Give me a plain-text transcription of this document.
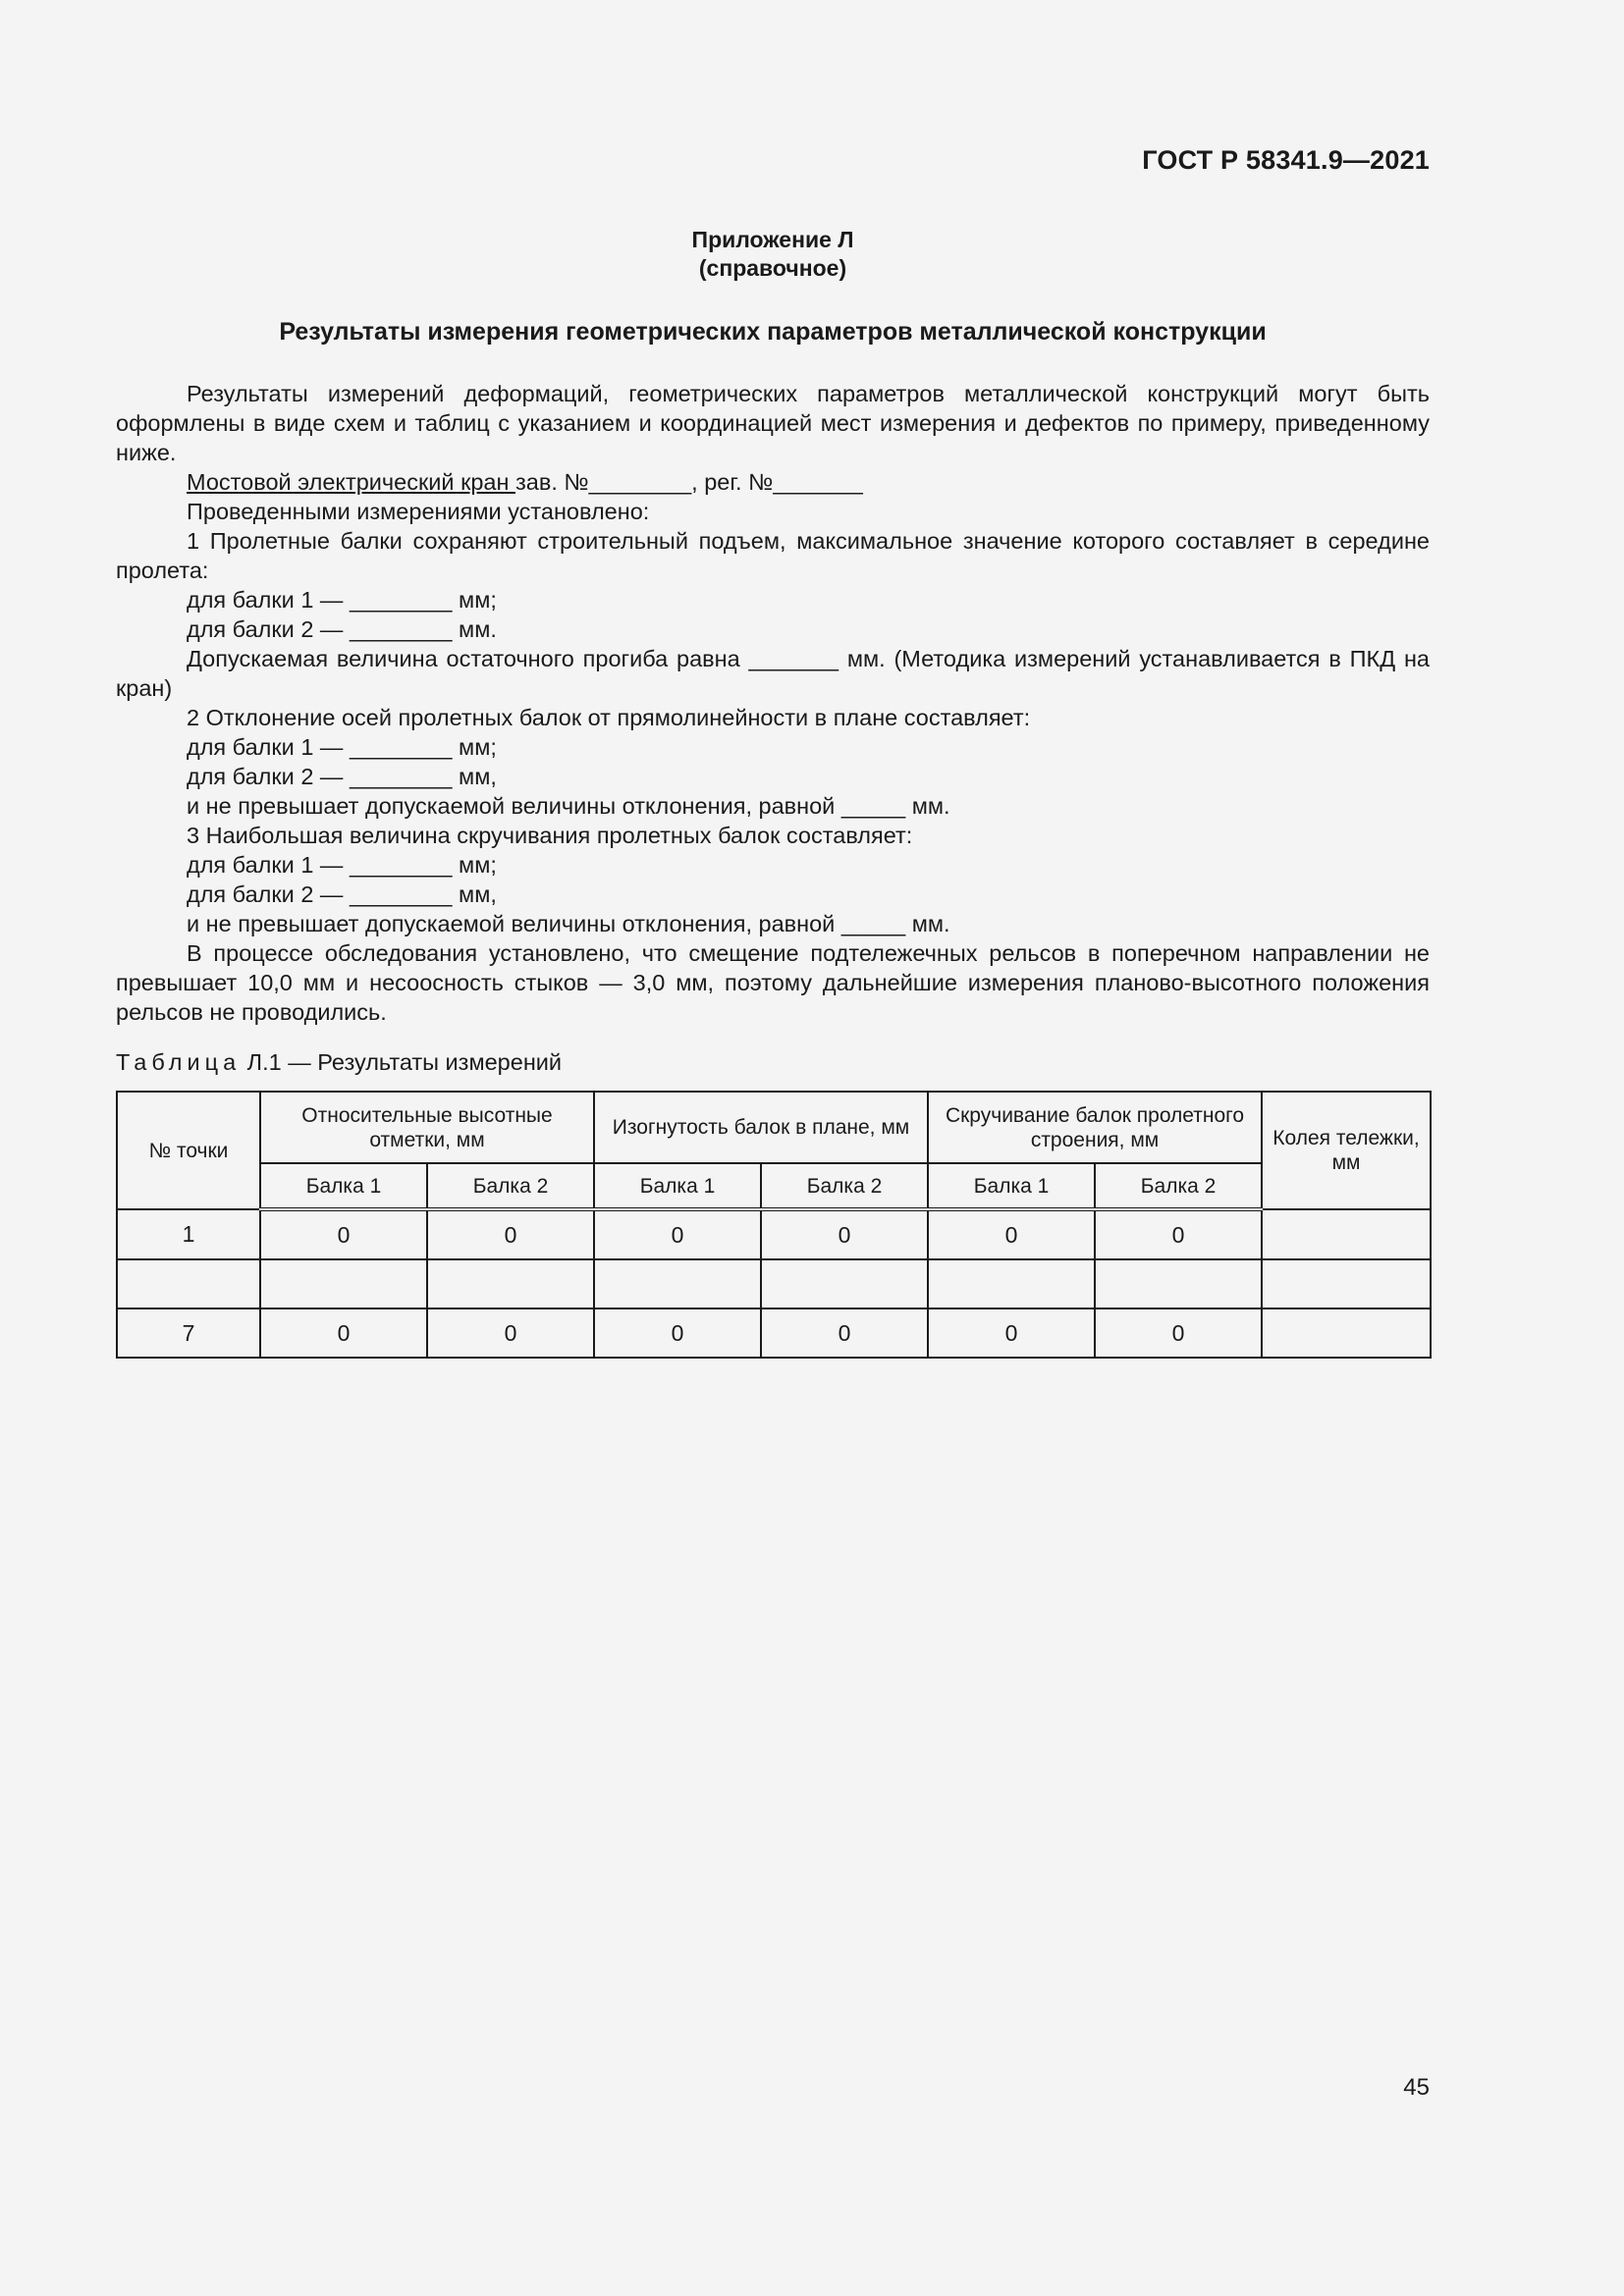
ГОСТ Р 58341.9—2021
Приложение Л
(справочное)
Результаты измерения геометрических параметров металлической конструкции

Результаты измерений деформаций, геометрических параметров металлической конструкций могут быть оформлены в виде схем и таблиц с указанием и координацией мест измерения и дефектов по примеру, приведенному ниже.

Мостовой электрический кран зав. №________, рег. №_______

Проведенными измерениями установлено:

1 Пролетные балки сохраняют строительный подъем, максимальное значение которого составляет в середине пролета:

для балки 1 — ________ мм;

для балки 2 — ________ мм.

Допускаемая величина остаточного прогиба равна _______ мм. (Методика измерений устанавливается в ПКД на кран)

2 Отклонение осей пролетных балок от прямолинейности в плане составляет:

для балки 1 — ________ мм;

для балки 2 — ________ мм,

и не превышает допускаемой величины отклонения, равной _____ мм.

3 Наибольшая величина скручивания пролетных балок составляет:

для балки 1 — ________ мм;

для балки 2 — ________ мм,

и не превышает допускаемой величины отклонения, равной _____ мм.

В процессе обследования установлено, что смещение подтележечных рельсов в поперечном направлении не превышает 10,0 мм и несоосность стыков — 3,0 мм, поэтому дальнейшие измерения планово-высотного положения рельсов не проводились.

Таблица Л.1 — Результаты измерений
№ точки	Относительные высотные отметки, мм		Изогнутость балок в плане, мм		Скручивание балок пролетного строения, мм		Колея тележки, мм
	Балка 1	Балка 2	Балка 1	Балка 2	Балка 1	Балка 2	
1	0	0	0	0	0	0	

7	0	0	0	0	0	0	
45
